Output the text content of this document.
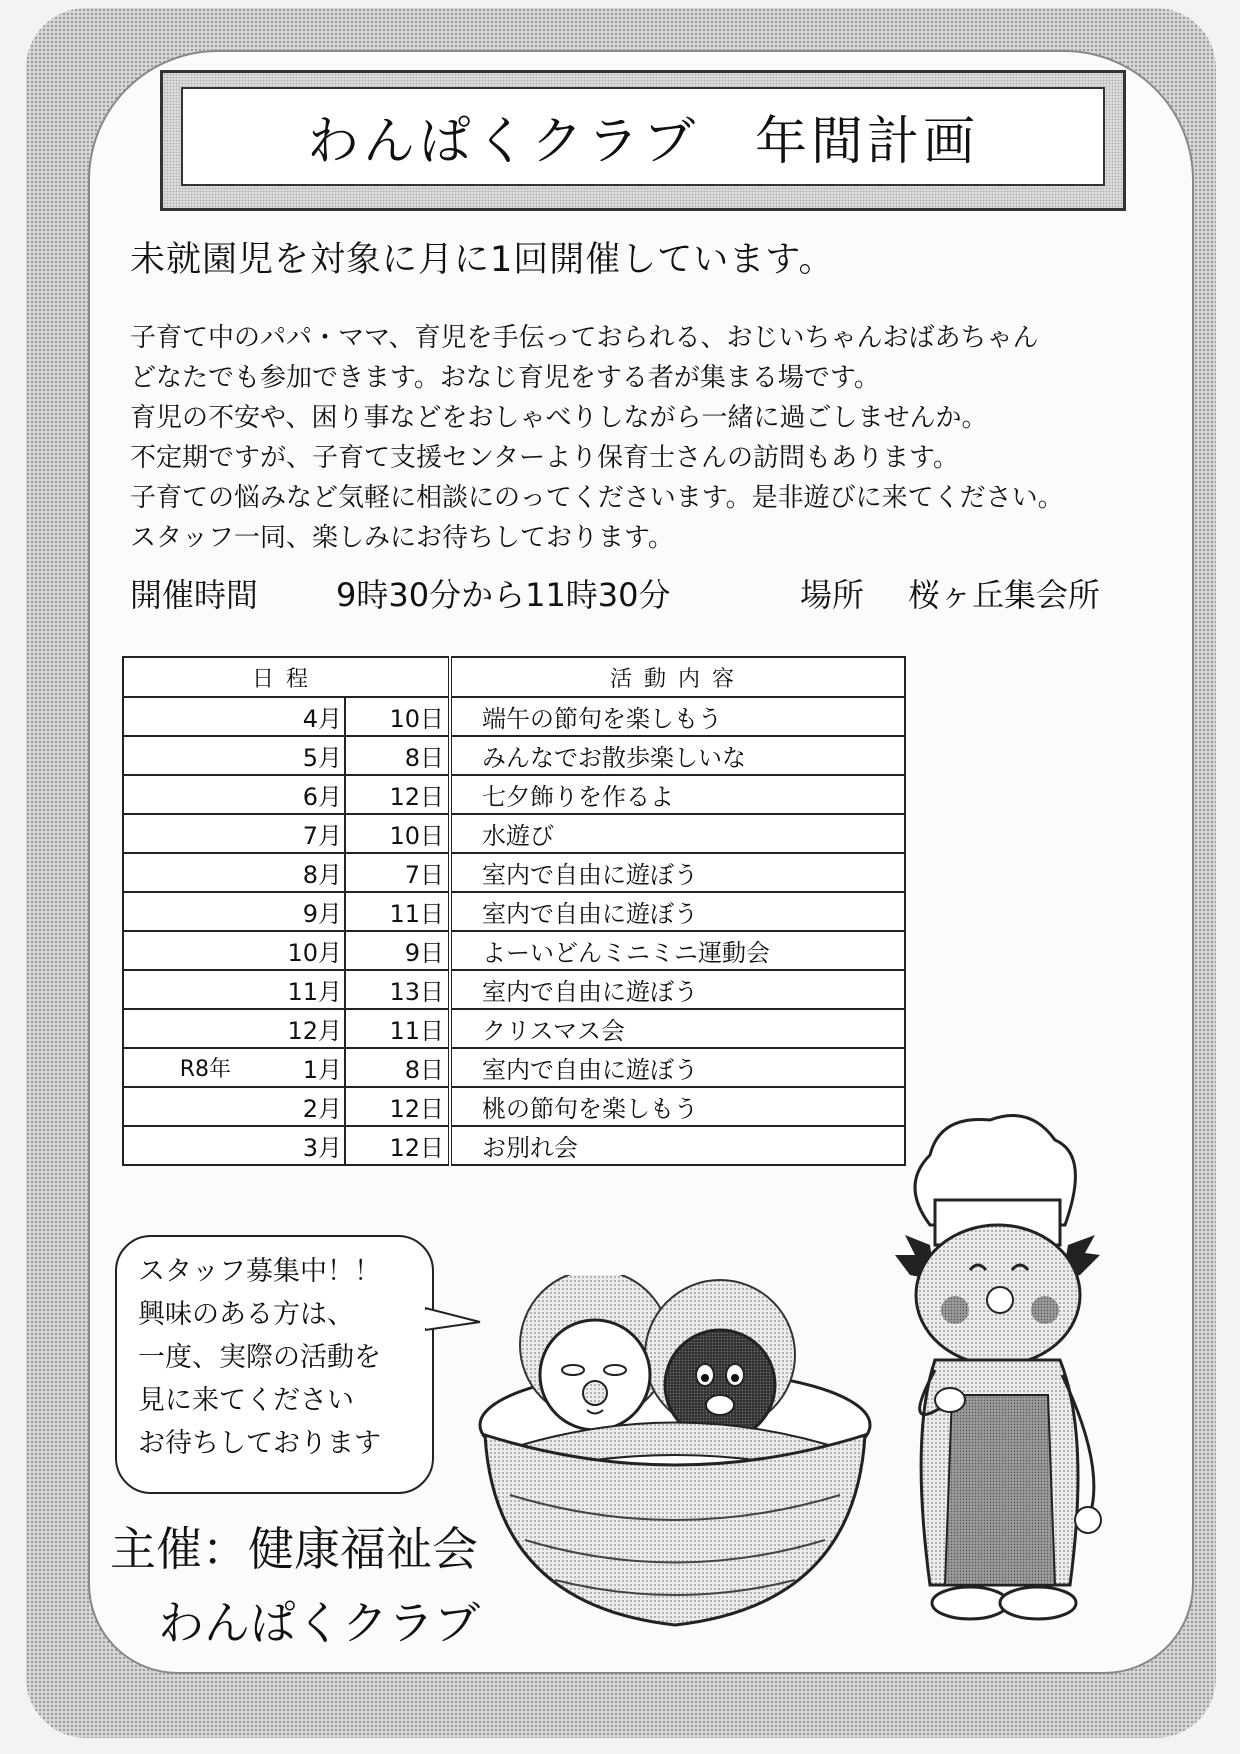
わんぱくクラブ　年間計画

未就園児を対象に月に1回開催しています。

子育て中のパパ・ママ、育児を手伝っておられる、おじいちゃんおばあちゃん
どなたでも参加できます。おなじ育児をする者が集まる場です。
育児の不安や、困り事などをおしゃべりしながら一緒に過ごしませんか。
不定期ですが、子育て支援センターより保育士さんの訪問もあります。
子育ての悩みなど気軽に相談にのってくださいます。是非遊びに来てください。
スタッフ一同、楽しみにお待ちしております。
開催時間 9時30分から11時30分	場所 桜ヶ丘集会所
日程			活動内容
	4月	10日	端午の節句を楽しもう
	5月	8日	みんなでお散歩楽しいな
	6月	12日	七夕飾りを作るよ
	7月	10日	水遊び
	8月	7日	室内で自由に遊ぼう
	9月	11日	室内で自由に遊ぼう
	10月	9日	よーいどんミニミニ運動会
	11月	13日	室内で自由に遊ぼう
	12月	11日	クリスマス会
R8年	1月	8日	室内で自由に遊ぼう
	2月	12日	桃の節句を楽しもう
	3月	12日	お別れ会
スタッフ募集中！！
興味のある方は、
一度、実際の活動を
見に来てください
お待ちしております
主催：健康福祉会
わんぱくクラブ
